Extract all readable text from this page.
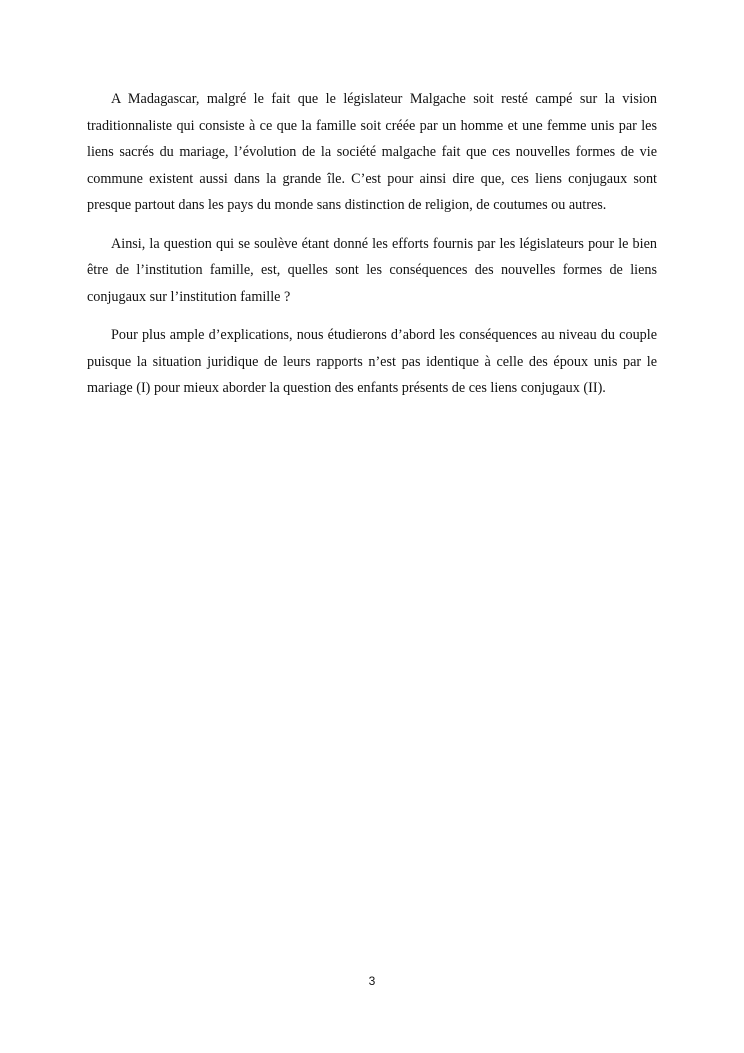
A Madagascar, malgré le fait que le législateur Malgache soit resté campé sur la vision traditionnaliste qui consiste à ce que la famille soit créée par un homme et une femme unis par les liens sacrés du mariage, l’évolution de la société malgache fait que ces nouvelles formes de vie commune existent aussi dans la grande île. C’est pour ainsi dire que, ces liens conjugaux sont presque partout dans les pays du monde sans distinction de religion, de coutumes ou autres.

Ainsi, la question qui se soulève étant donné les efforts fournis par les législateurs pour le bien être de l’institution famille, est, quelles sont les conséquences des nouvelles formes de liens conjugaux sur l’institution famille ?

Pour plus ample d’explications, nous étudierons d’abord les conséquences au niveau du couple puisque la situation juridique de leurs rapports n’est pas identique à celle des époux unis par le mariage (I) pour mieux aborder la question des enfants présents de ces liens conjugaux (II).

3
